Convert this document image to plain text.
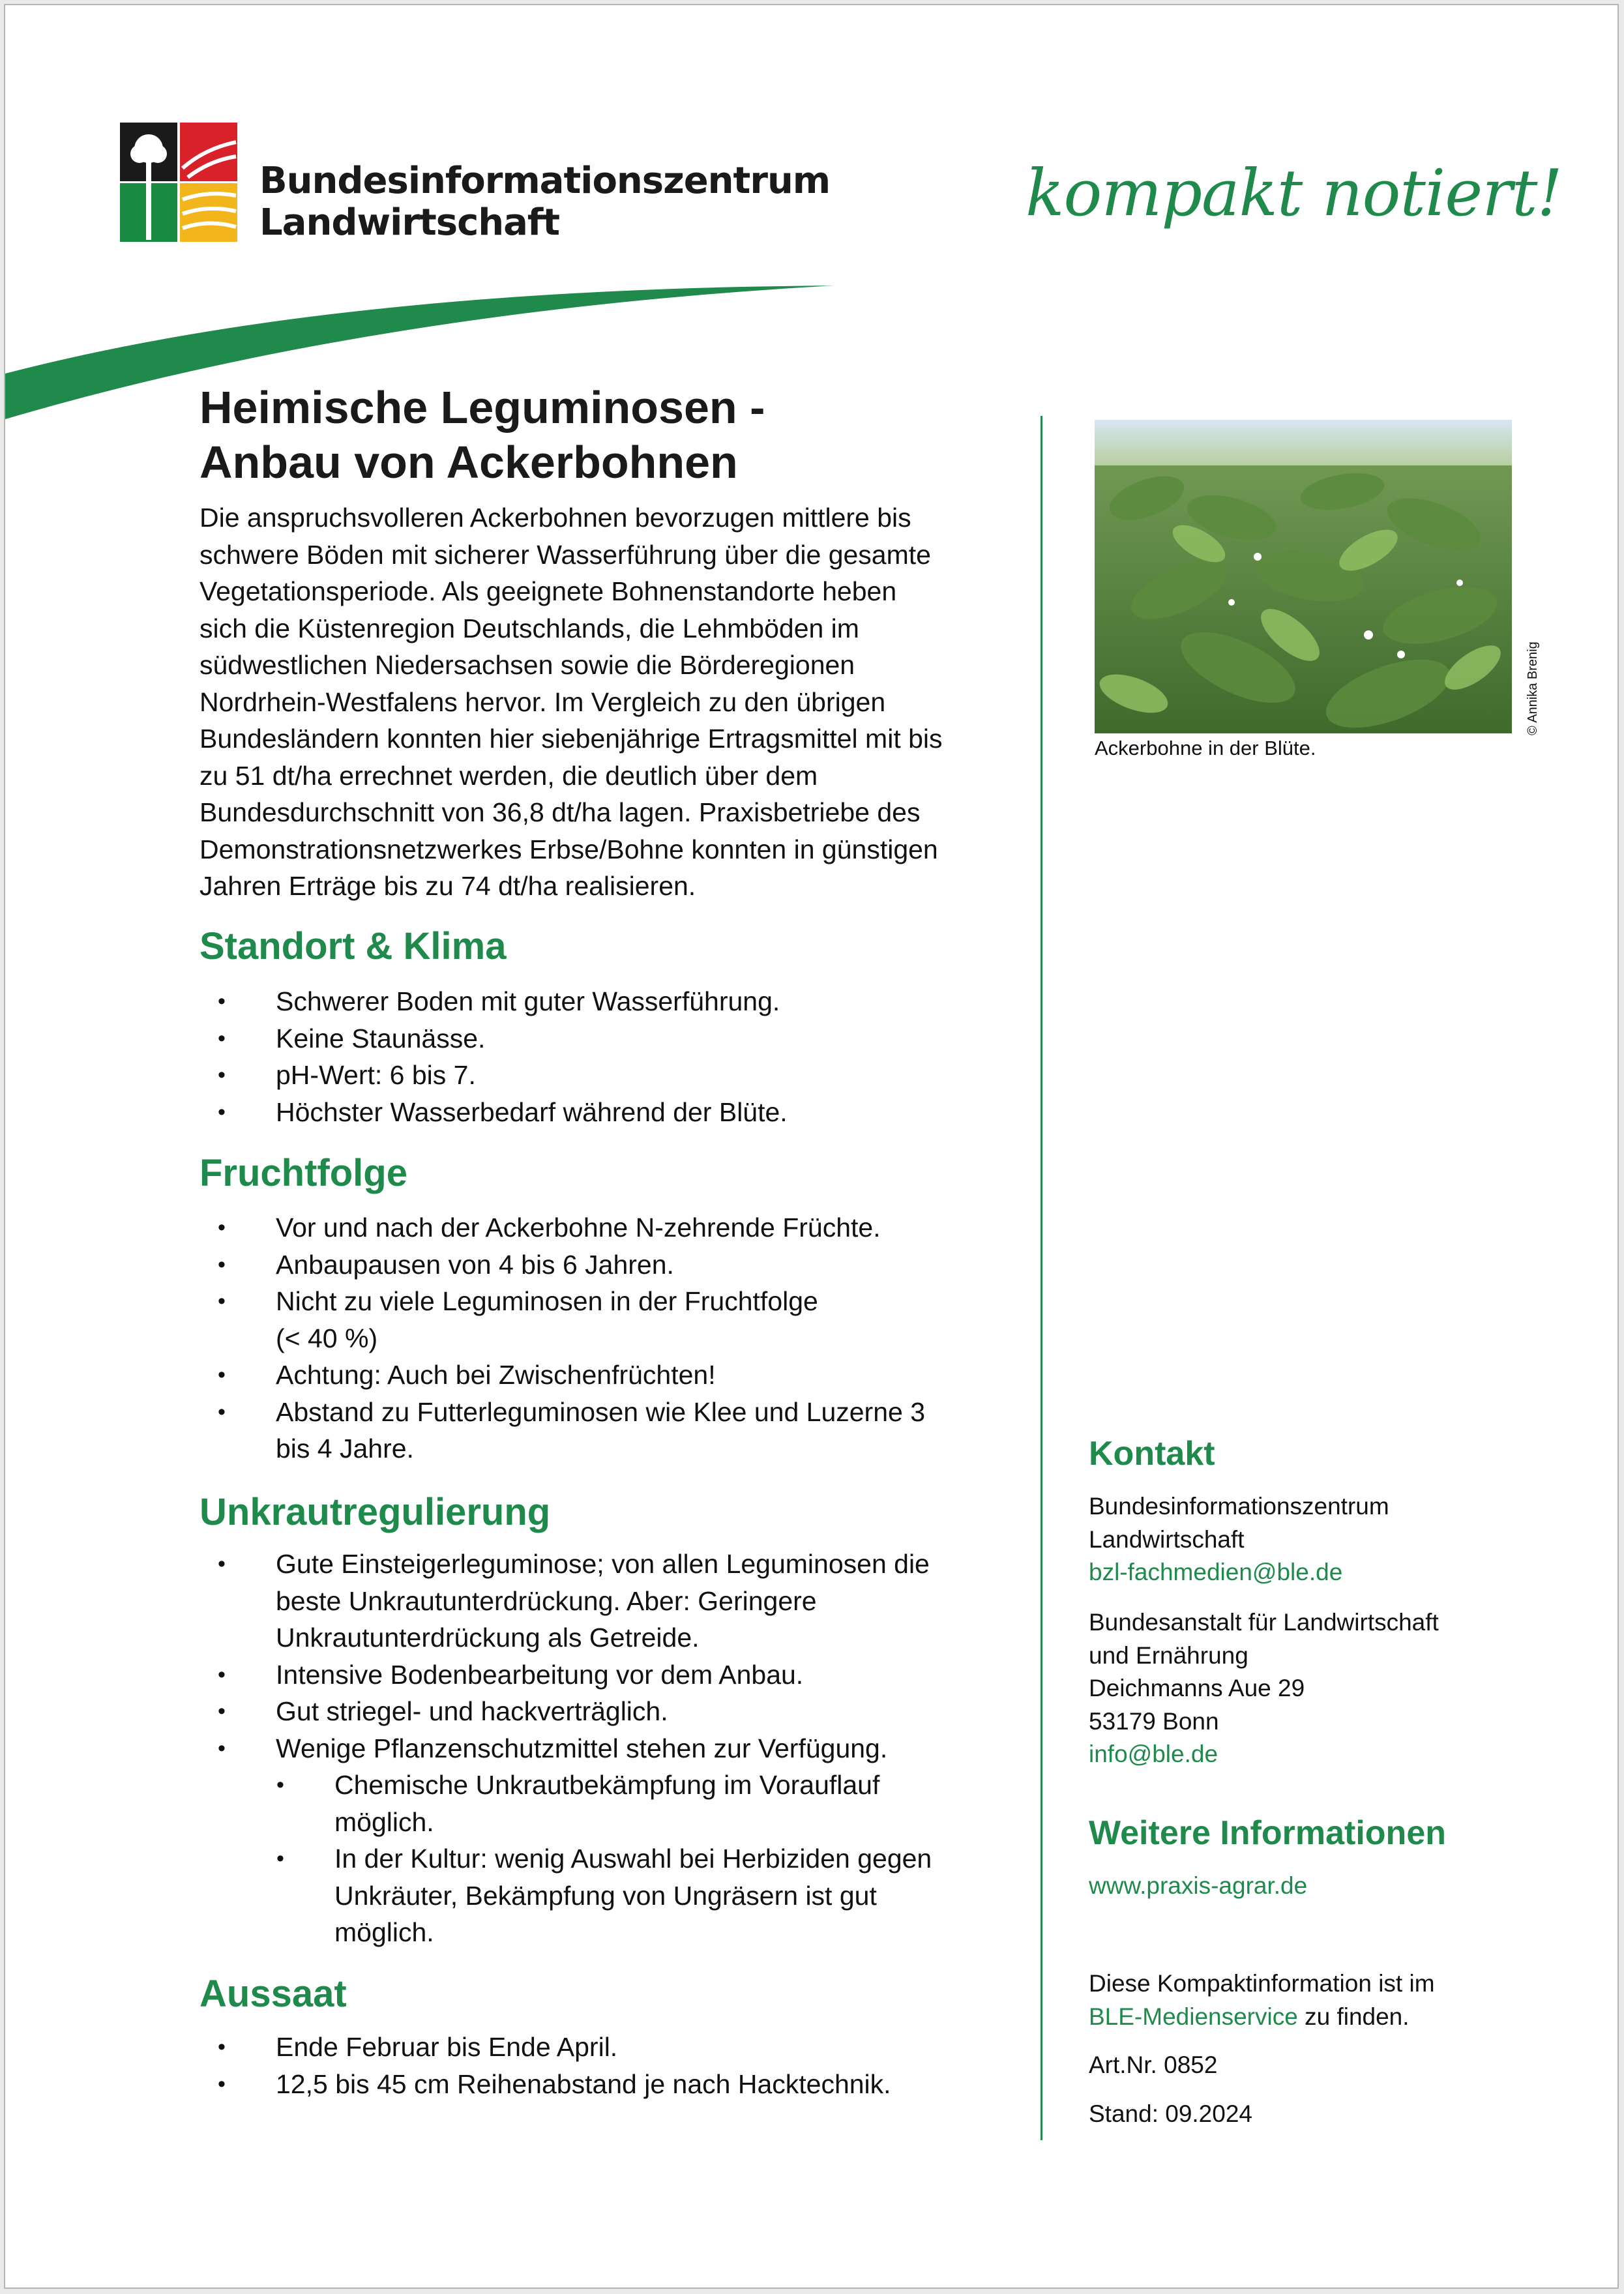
Bundesinformationszentrum
Landwirtschaft	kompakt notiert!
Heimische Leguminosen -
Anbau von Ackerbohnen
Die anspruchsvolleren Ackerbohnen bevorzugen mittlere bis
schwere Böden mit sicherer Wasserführung über die gesamte
Vegetationsperiode. Als geeignete Bohnenstandorte heben
sich die Küstenregion Deutschlands, die Lehmböden im
südwestlichen Niedersachsen sowie die Börderegionen
Nordrhein-Westfalens hervor. Im Vergleich zu den übrigen
Bundesländern konnten hier siebenjährige Ertragsmittel mit bis
zu 51 dt/ha errechnet werden, die deutlich über dem
Bundesdurchschnitt von 36,8 dt/ha lagen. Praxisbetriebe des
Demonstrationsnetzwerkes Erbse/Bohne konnten in günstigen
Jahren Erträge bis zu 74 dt/ha realisieren.
Standort & Klima
• Schwerer Boden mit guter Wasserführung.
• Keine Staunässe.
• pH-Wert: 6 bis 7.
• Höchster Wasserbedarf während der Blüte.
Fruchtfolge
• Vor und nach der Ackerbohne N-zehrende Früchte.
• Anbaupausen von 4 bis 6 Jahren.
• Nicht zu viele Leguminosen in der Fruchtfolge
(< 40 %)
• Achtung: Auch bei Zwischenfrüchten!
• Abstand zu Futterleguminosen wie Klee und Luzerne 3
bis 4 Jahre.
Unkrautregulierung
• Gute Einsteigerleguminose; von allen Leguminosen die
beste Unkrautunterdrückung. Aber: Geringere
Unkrautunterdrückung als Getreide.
• Intensive Bodenbearbeitung vor dem Anbau.
• Gut striegel- und hackverträglich.
• Wenige Pflanzenschutzmittel stehen zur Verfügung.
• Chemische Unkrautbekämpfung im Vorauflauf
möglich.
• In der Kultur: wenig Auswahl bei Herbiziden gegen
Unkräuter, Bekämpfung von Ungräsern ist gut
möglich.
Aussaat
• Ende Februar bis Ende April.
• 12,5 bis 45 cm Reihenabstand je nach Hacktechnik.
Ackerbohne in der Blüte.
© Annika Brenig
Kontakt
Bundesinformationszentrum
Landwirtschaft
bzl-fachmedien@ble.de
Bundesanstalt für Landwirtschaft
und Ernährung
Deichmanns Aue 29
53179 Bonn
info@ble.de
Weitere Informationen
www.praxis-agrar.de
Diese Kompaktinformation ist im
BLE-Medienservice zu finden.
Art.Nr. 0852
Stand: 09.2024
